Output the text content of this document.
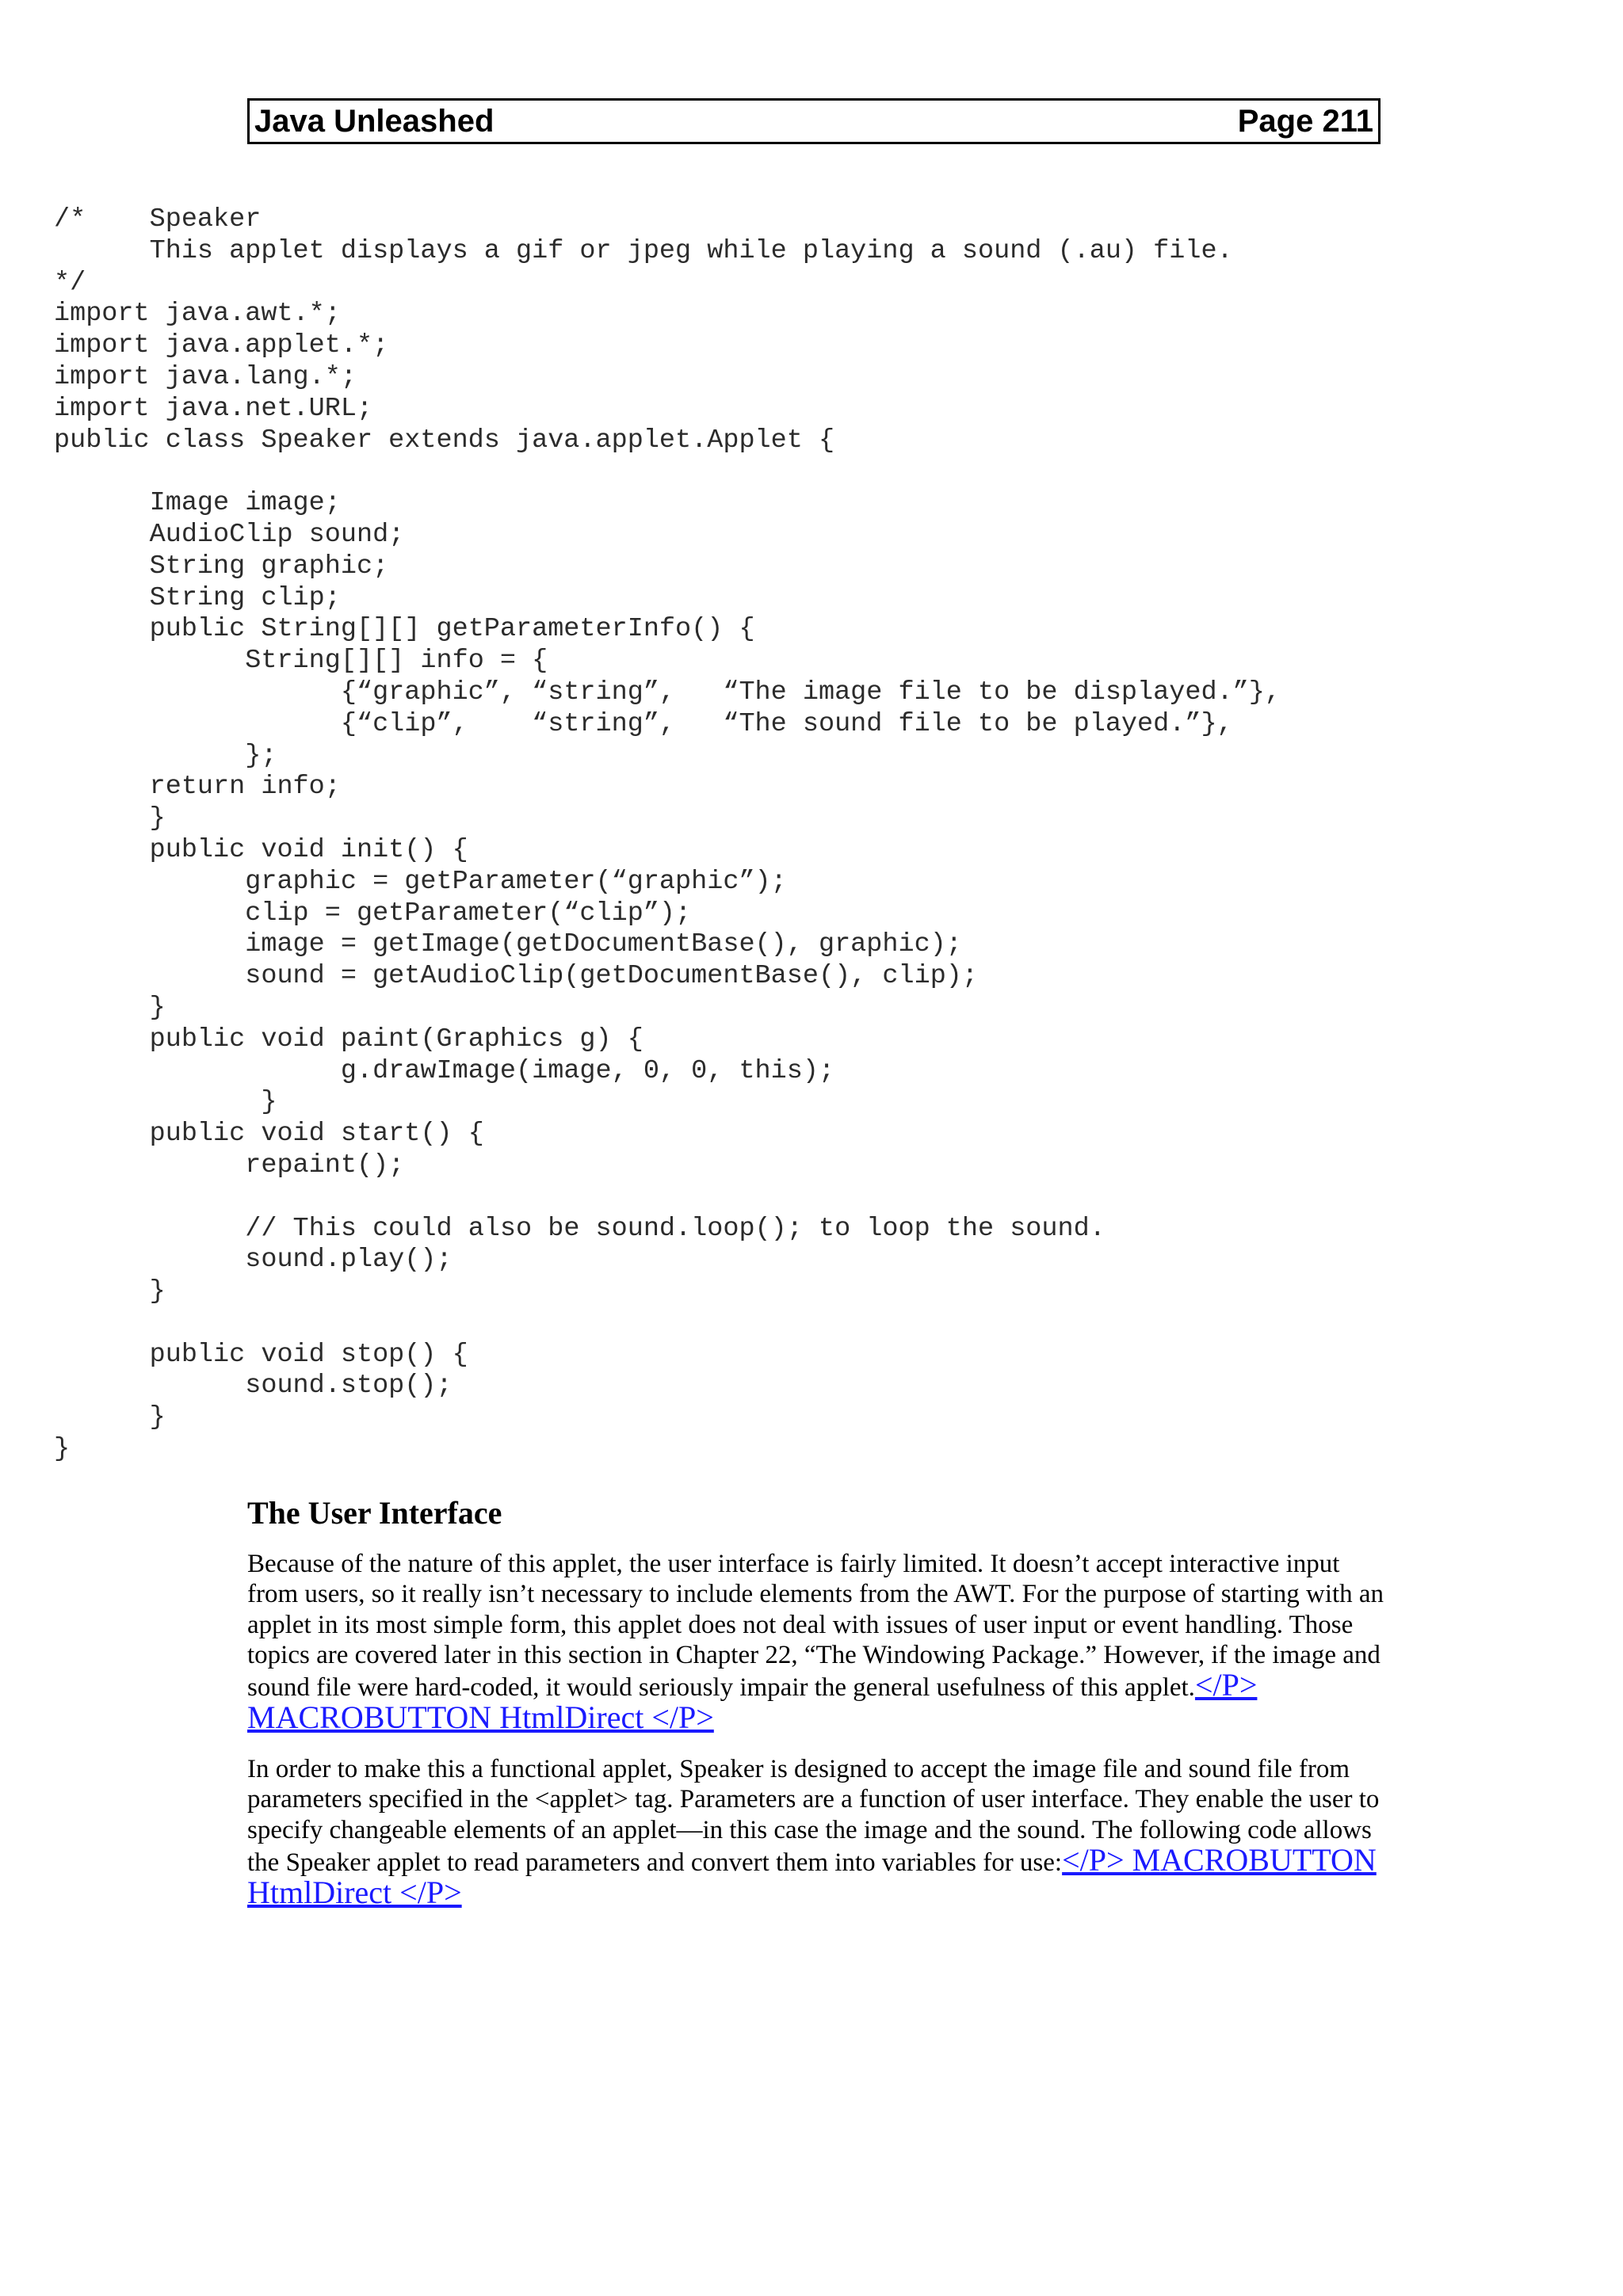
Java Unleashed	Page 211
/*	Speaker
	This applet displays a gif or jpeg while playing a sound (.au) file.
*/
import java.awt.*;
import java.applet.*;
import java.lang.*;
import java.net.URL;
public class Speaker extends java.applet.Applet {
	Image image;
	AudioClip sound;
	String graphic;
	String clip;
	public String[][] getParameterInfo() {
		String[][] info = {
			{“graphic”,	“string”,	“The image file to be displayed.”},
			{“clip”,	“string”,	“The sound file to be played.”},
		};
	return info;
	}
	public void init() {
		graphic = getParameter(“graphic”);
		clip = getParameter(“clip”);
		image = getImage(getDocumentBase(), graphic);
		sound = getAudioClip(getDocumentBase(), clip);
	}
	public void paint(Graphics g) {
		g.drawImage(image, 0, 0, this);
	}
	public void start() {
		repaint();
		// This could also be sound.loop(); to loop the sound.
		sound.play();
	}
	public void stop() {
		sound.stop();
	}
}
The User Interface

Because of the nature of this applet, the user interface is fairly limited. It doesn’t accept interactive input from users, so it really isn’t necessary to include elements from the AWT. For the purpose of starting with an applet in its most simple form, this applet does not deal with issues of user input or event handling. Those topics are covered later in this section in Chapter 22, “The Windowing Package.” However, if the image and sound file were hard-coded, it would seriously impair the general usefulness of this applet.</P> MACROBUTTON HtmlDirect </P>

In order to make this a functional applet, Speaker is designed to accept the image file and sound file from parameters specified in the <applet> tag. Parameters are a function of user interface. They enable the user to specify changeable elements of an applet—in this case the image and the sound. The following code allows the Speaker applet to read parameters and convert them into variables for use:</P> MACROBUTTON HtmlDirect </P>
